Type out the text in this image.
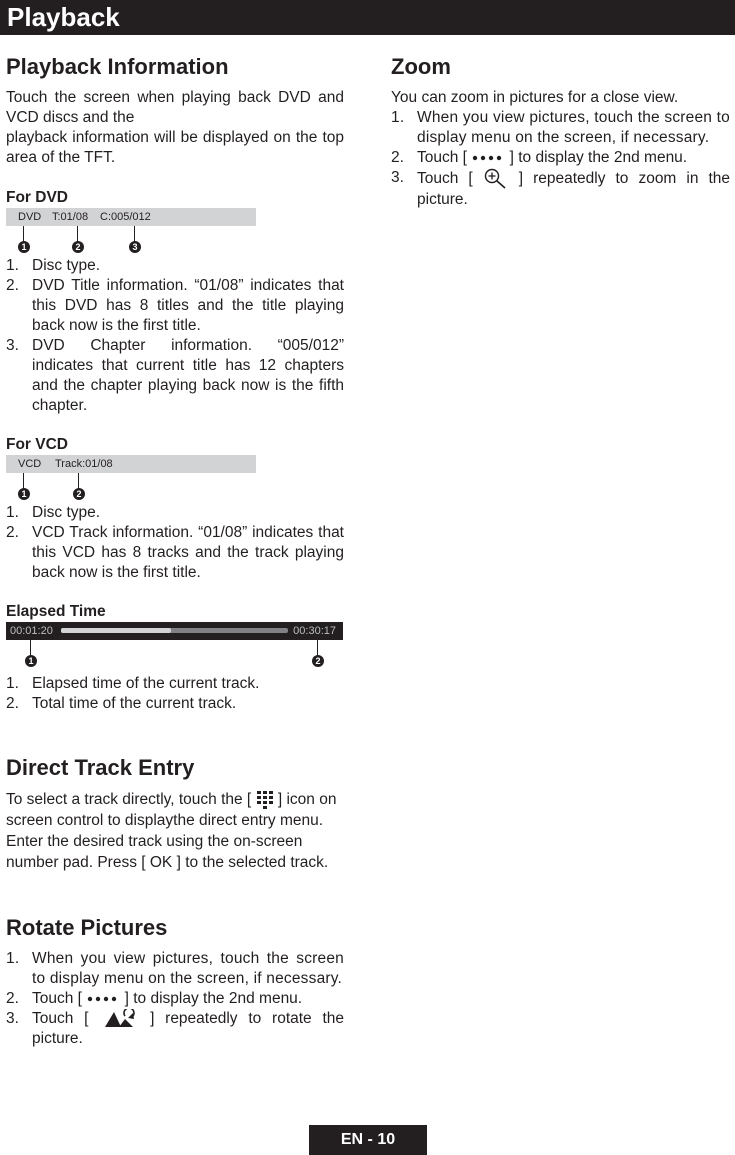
Playback
Playback Information

Touch the screen when playing back DVD and VCD discs and the
playback information will be displayed on the top area of the TFT.

For DVD
DVD T:01/08 C:005/012
1	2	3
1. Disc type.
2. DVD Title information. “01/08” indicates that this DVD has 8 titles and the title playing back now is the first title.
3. DVD Chapter information. “005/012” indicates that current title has 12 chapters and the chapter playing back now is the fifth chapter.
For VCD
VCD Track:01/08
1	2
1. Disc type.
2. VCD Track information. “01/08” indicates that this VCD has 8 tracks and the track playing back now is the first title.
Elapsed Time
00:01:20	00:30:17
1	2
1. Elapsed time of the current track.
2. Total time of the current track.
Direct Track Entry

To select a track directly, touch the [ ] icon on screen control to displaythe direct entry menu. Enter the desired track using the on-screen number pad. Press [ OK ] to the selected track.

Rotate Pictures
1. When you view pictures, touch the screen to display menu on the screen, if necessary.
2. Touch [	] to display the 2nd menu.
3. Touch [	] repeatedly to rotate the picture.
Zoom

You can zoom in pictures for a close view.

1. When you view pictures, touch the screen to display menu on the screen, if necessary.
2. Touch [	] to display the 2nd menu.
3. Touch [	] repeatedly to zoom in the picture.
EN - 10
